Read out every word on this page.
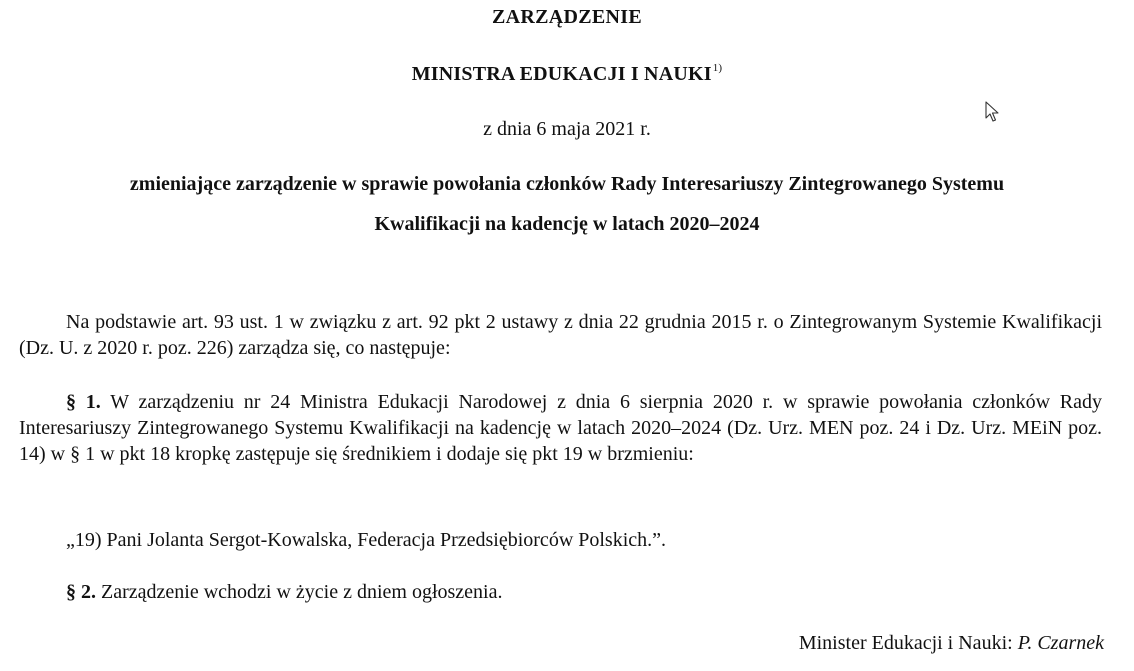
ZARZĄDZENIE
MINISTRA EDUKACJI I NAUKI$^{1)}$
z dnia 6 maja 2021 r.
zmieniające zarządzenie w sprawie powołania członków Rady Interesariuszy Zintegrowanego Systemu
Kwalifikacji na kadencję w latach 2020–2024
Na podstawie art. 93 ust. 1 w związku z art. 92 pkt 2 ustawy z dnia 22 grudnia 2015 r. o Zintegrowanym Systemie Kwalifikacji (Dz. U. z 2020 r. poz. 226) zarządza się, co następuje:
§ 1. W zarządzeniu nr 24 Ministra Edukacji Narodowej z dnia 6 sierpnia 2020 r. w sprawie powołania członków Rady Interesariuszy Zintegrowanego Systemu Kwalifikacji na kadencję w latach 2020–2024 (Dz. Urz. MEN poz. 24 i Dz. Urz. MEiN poz. 14) w § 1 w pkt 18 kropkę zastępuje się średnikiem i dodaje się pkt 19 w brzmieniu:
„19) Pani Jolanta Sergot-Kowalska, Federacja Przedsiębiorców Polskich.”.
§ 2. Zarządzenie wchodzi w życie z dniem ogłoszenia.
Minister Edukacji i Nauki: P. Czarnek
